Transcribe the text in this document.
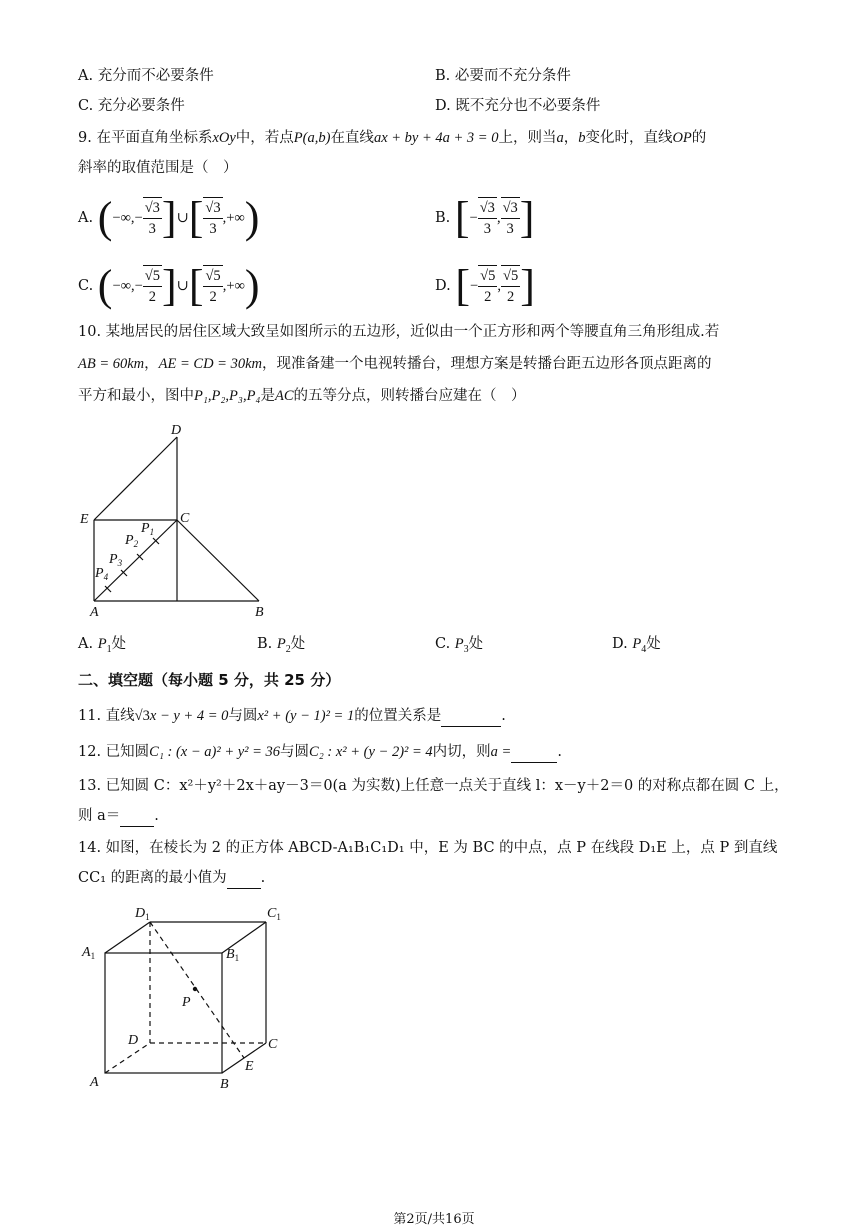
A. 充分而不必要条件	B. 必要而不充分条件
C. 充分必要条件	D. 既不充分也不必要条件
9. 在平面直角坐标系xOy中，若点P(a,b)在直线ax + by + 4a + 3 = 0上，则当a，b变化时，直线OP的
斜率的取值范围是（　）
A. (−∞,− $\frac{√3}{3}$ ]∪[ $\frac{√3}{3}$ ,+∞)	B. [− $\frac{√3}{3}$ , $\frac{√3}{3}$ ]
C. (−∞,− $\frac{√5}{2}$ ]∪[ $\frac{√5}{2}$ ,+∞)	D. [− $\frac{√5}{2}$ , $\frac{√5}{2}$ ]
10. 某地居民的居住区域大致呈如图所示的五边形，近似由一个正方形和两个等腰直角三角形组成.若
AB = 60km，AE = CD = 30km，现准备建一个电视转播台，理想方案是转播台距五边形各顶点距离的
平方和最小，图中P₁,P₂,P₃,P₄是AC的五等分点，则转播台应建在（　）
D
E	C
A	B
$P_1$
$P_2$
$P_3$
$P_4$
A. $P_1$处	B. $P_2$处	C. $P_3$处	D. $P_4$处
二、填空题（每小题 5 分，共 25 分）
11. 直线√3x − y + 4 = 0与圆x² + (y − 1)² = 1的位置关系是	.
12. 已知圆C₁ : (x − a)² + y² = 36与圆C₂ : x² + (y − 2)² = 4内切，则a =	.
13. 已知圆 C：x²＋y²＋2x＋ay－3＝0(a 为实数)上任意一点关于直线 l：x－y＋2＝0 的对称点都在圆 C 上，
则 a＝ .
14. 如图，在棱长为 2 的正方体 ABCD-A₁B₁C₁D₁ 中，E 为 BC 的中点，点 P 在线段 D₁E 上，点 P 到直线
CC₁ 的距离的最小值为 .
$D_1$	$C_1$
$A_1$	$B_1$
P
D	C
A	B
E
第2页/共16页
